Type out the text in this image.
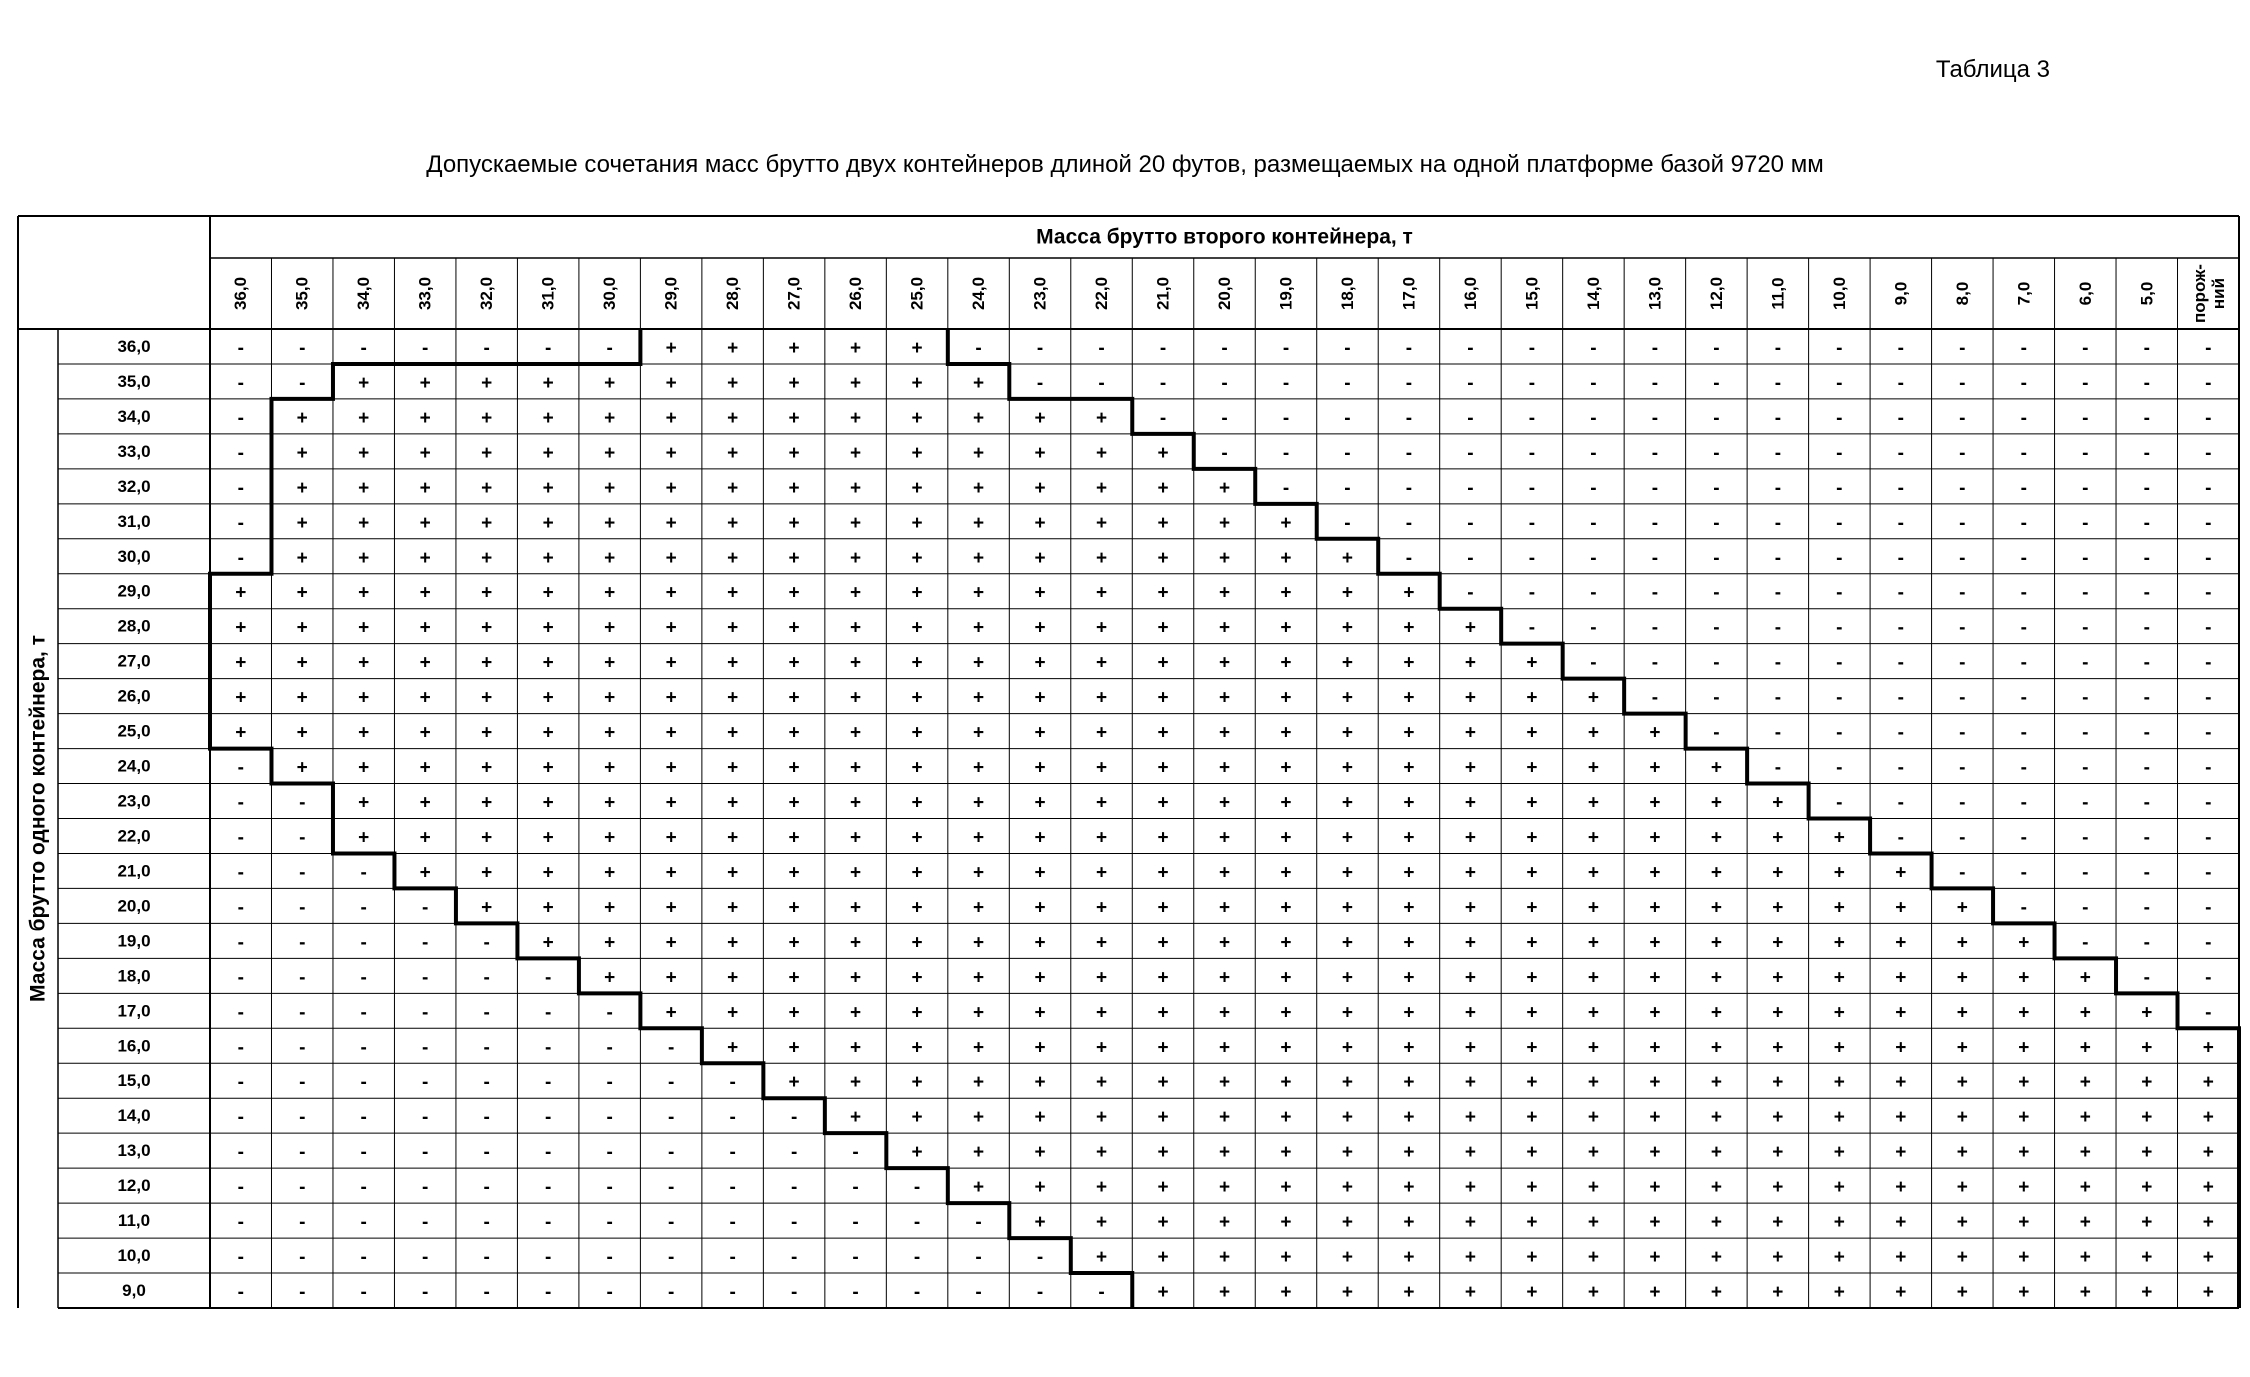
Таблица 3
Допускаемые сочетания масс брутто двух контейнеров длиной 20 футов, размещаемых на одной платформе базой 9720 мм
Масса брутто второго контейнера, т
Масса брутто одного контейнера, т
36,0 35,0 34,0 33,0 32,0 31,0 30,0 29,0 28,0 27,0 26,0 25,0 24,0 23,0 22,0 21,0 20,0 19,0 18,0 17,0 16,0 15,0 14,0 13,0 12,0 11,0 10,0 9,0 8,0 7,0 6,0 5,0 порож- ний
36,0	-	-	-	-	-	-	-	+	+	+	+	+	-	-	-	-	-	-	-	-	-	-	-	-	-	-	-	-	-	-	-	-	-
35,0	-	-	+	+	+	+	+	+	+	+	+	+	+	-	-	-	-	-	-	-	-	-	-	-	-	-	-	-	-	-	-	-	-
34,0	-	+	+	+	+	+	+	+	+	+	+	+	+	+	+	-	-	-	-	-	-	-	-	-	-	-	-	-	-	-	-	-	-
33,0	-	+	+	+	+	+	+	+	+	+	+	+	+	+	+	+	-	-	-	-	-	-	-	-	-	-	-	-	-	-	-	-	-
32,0	-	+	+	+	+	+	+	+	+	+	+	+	+	+	+	+	+	-	-	-	-	-	-	-	-	-	-	-	-	-	-	-	-
31,0	-	+	+	+	+	+	+	+	+	+	+	+	+	+	+	+	+	+	-	-	-	-	-	-	-	-	-	-	-	-	-	-	-
30,0	-	+	+	+	+	+	+	+	+	+	+	+	+	+	+	+	+	+	+	-	-	-	-	-	-	-	-	-	-	-	-	-	-
29,0	+	+	+	+	+	+	+	+	+	+	+	+	+	+	+	+	+	+	+	+	-	-	-	-	-	-	-	-	-	-	-	-	-
28,0	+	+	+	+	+	+	+	+	+	+	+	+	+	+	+	+	+	+	+	+	+	-	-	-	-	-	-	-	-	-	-	-	-
27,0	+	+	+	+	+	+	+	+	+	+	+	+	+	+	+	+	+	+	+	+	+	+	-	-	-	-	-	-	-	-	-	-	-
26,0	+	+	+	+	+	+	+	+	+	+	+	+	+	+	+	+	+	+	+	+	+	+	+	-	-	-	-	-	-	-	-	-	-
25,0	+	+	+	+	+	+	+	+	+	+	+	+	+	+	+	+	+	+	+	+	+	+	+	+	-	-	-	-	-	-	-	-	-
24,0	-	+	+	+	+	+	+	+	+	+	+	+	+	+	+	+	+	+	+	+	+	+	+	+	+	-	-	-	-	-	-	-	-
23,0	-	-	+	+	+	+	+	+	+	+	+	+	+	+	+	+	+	+	+	+	+	+	+	+	+	+	-	-	-	-	-	-	-
22,0	-	-	+	+	+	+	+	+	+	+	+	+	+	+	+	+	+	+	+	+	+	+	+	+	+	+	+	-	-	-	-	-	-
21,0	-	-	-	+	+	+	+	+	+	+	+	+	+	+	+	+	+	+	+	+	+	+	+	+	+	+	+	+	-	-	-	-	-
20,0	-	-	-	-	+	+	+	+	+	+	+	+	+	+	+	+	+	+	+	+	+	+	+	+	+	+	+	+	+	-	-	-	-
19,0	-	-	-	-	-	+	+	+	+	+	+	+	+	+	+	+	+	+	+	+	+	+	+	+	+	+	+	+	+	+	-	-	-
18,0	-	-	-	-	-	-	+	+	+	+	+	+	+	+	+	+	+	+	+	+	+	+	+	+	+	+	+	+	+	+	+	-	-
17,0	-	-	-	-	-	-	-	+	+	+	+	+	+	+	+	+	+	+	+	+	+	+	+	+	+	+	+	+	+	+	+	+	-
16,0	-	-	-	-	-	-	-	-	+	+	+	+	+	+	+	+	+	+	+	+	+	+	+	+	+	+	+	+	+	+	+	+	+
15,0	-	-	-	-	-	-	-	-	-	+	+	+	+	+	+	+	+	+	+	+	+	+	+	+	+	+	+	+	+	+	+	+	+
14,0	-	-	-	-	-	-	-	-	-	-	+	+	+	+	+	+	+	+	+	+	+	+	+	+	+	+	+	+	+	+	+	+	+
13,0	-	-	-	-	-	-	-	-	-	-	-	+	+	+	+	+	+	+	+	+	+	+	+	+	+	+	+	+	+	+	+	+	+
12,0	-	-	-	-	-	-	-	-	-	-	-	-	+	+	+	+	+	+	+	+	+	+	+	+	+	+	+	+	+	+	+	+	+
11,0	-	-	-	-	-	-	-	-	-	-	-	-	-	+	+	+	+	+	+	+	+	+	+	+	+	+	+	+	+	+	+	+	+
10,0	-	-	-	-	-	-	-	-	-	-	-	-	-	-	+	+	+	+	+	+	+	+	+	+	+	+	+	+	+	+	+	+	+
9,0	-	-	-	-	-	-	-	-	-	-	-	-	-	-	-	+	+	+	+	+	+	+	+	+	+	+	+	+	+	+	+	+	+
